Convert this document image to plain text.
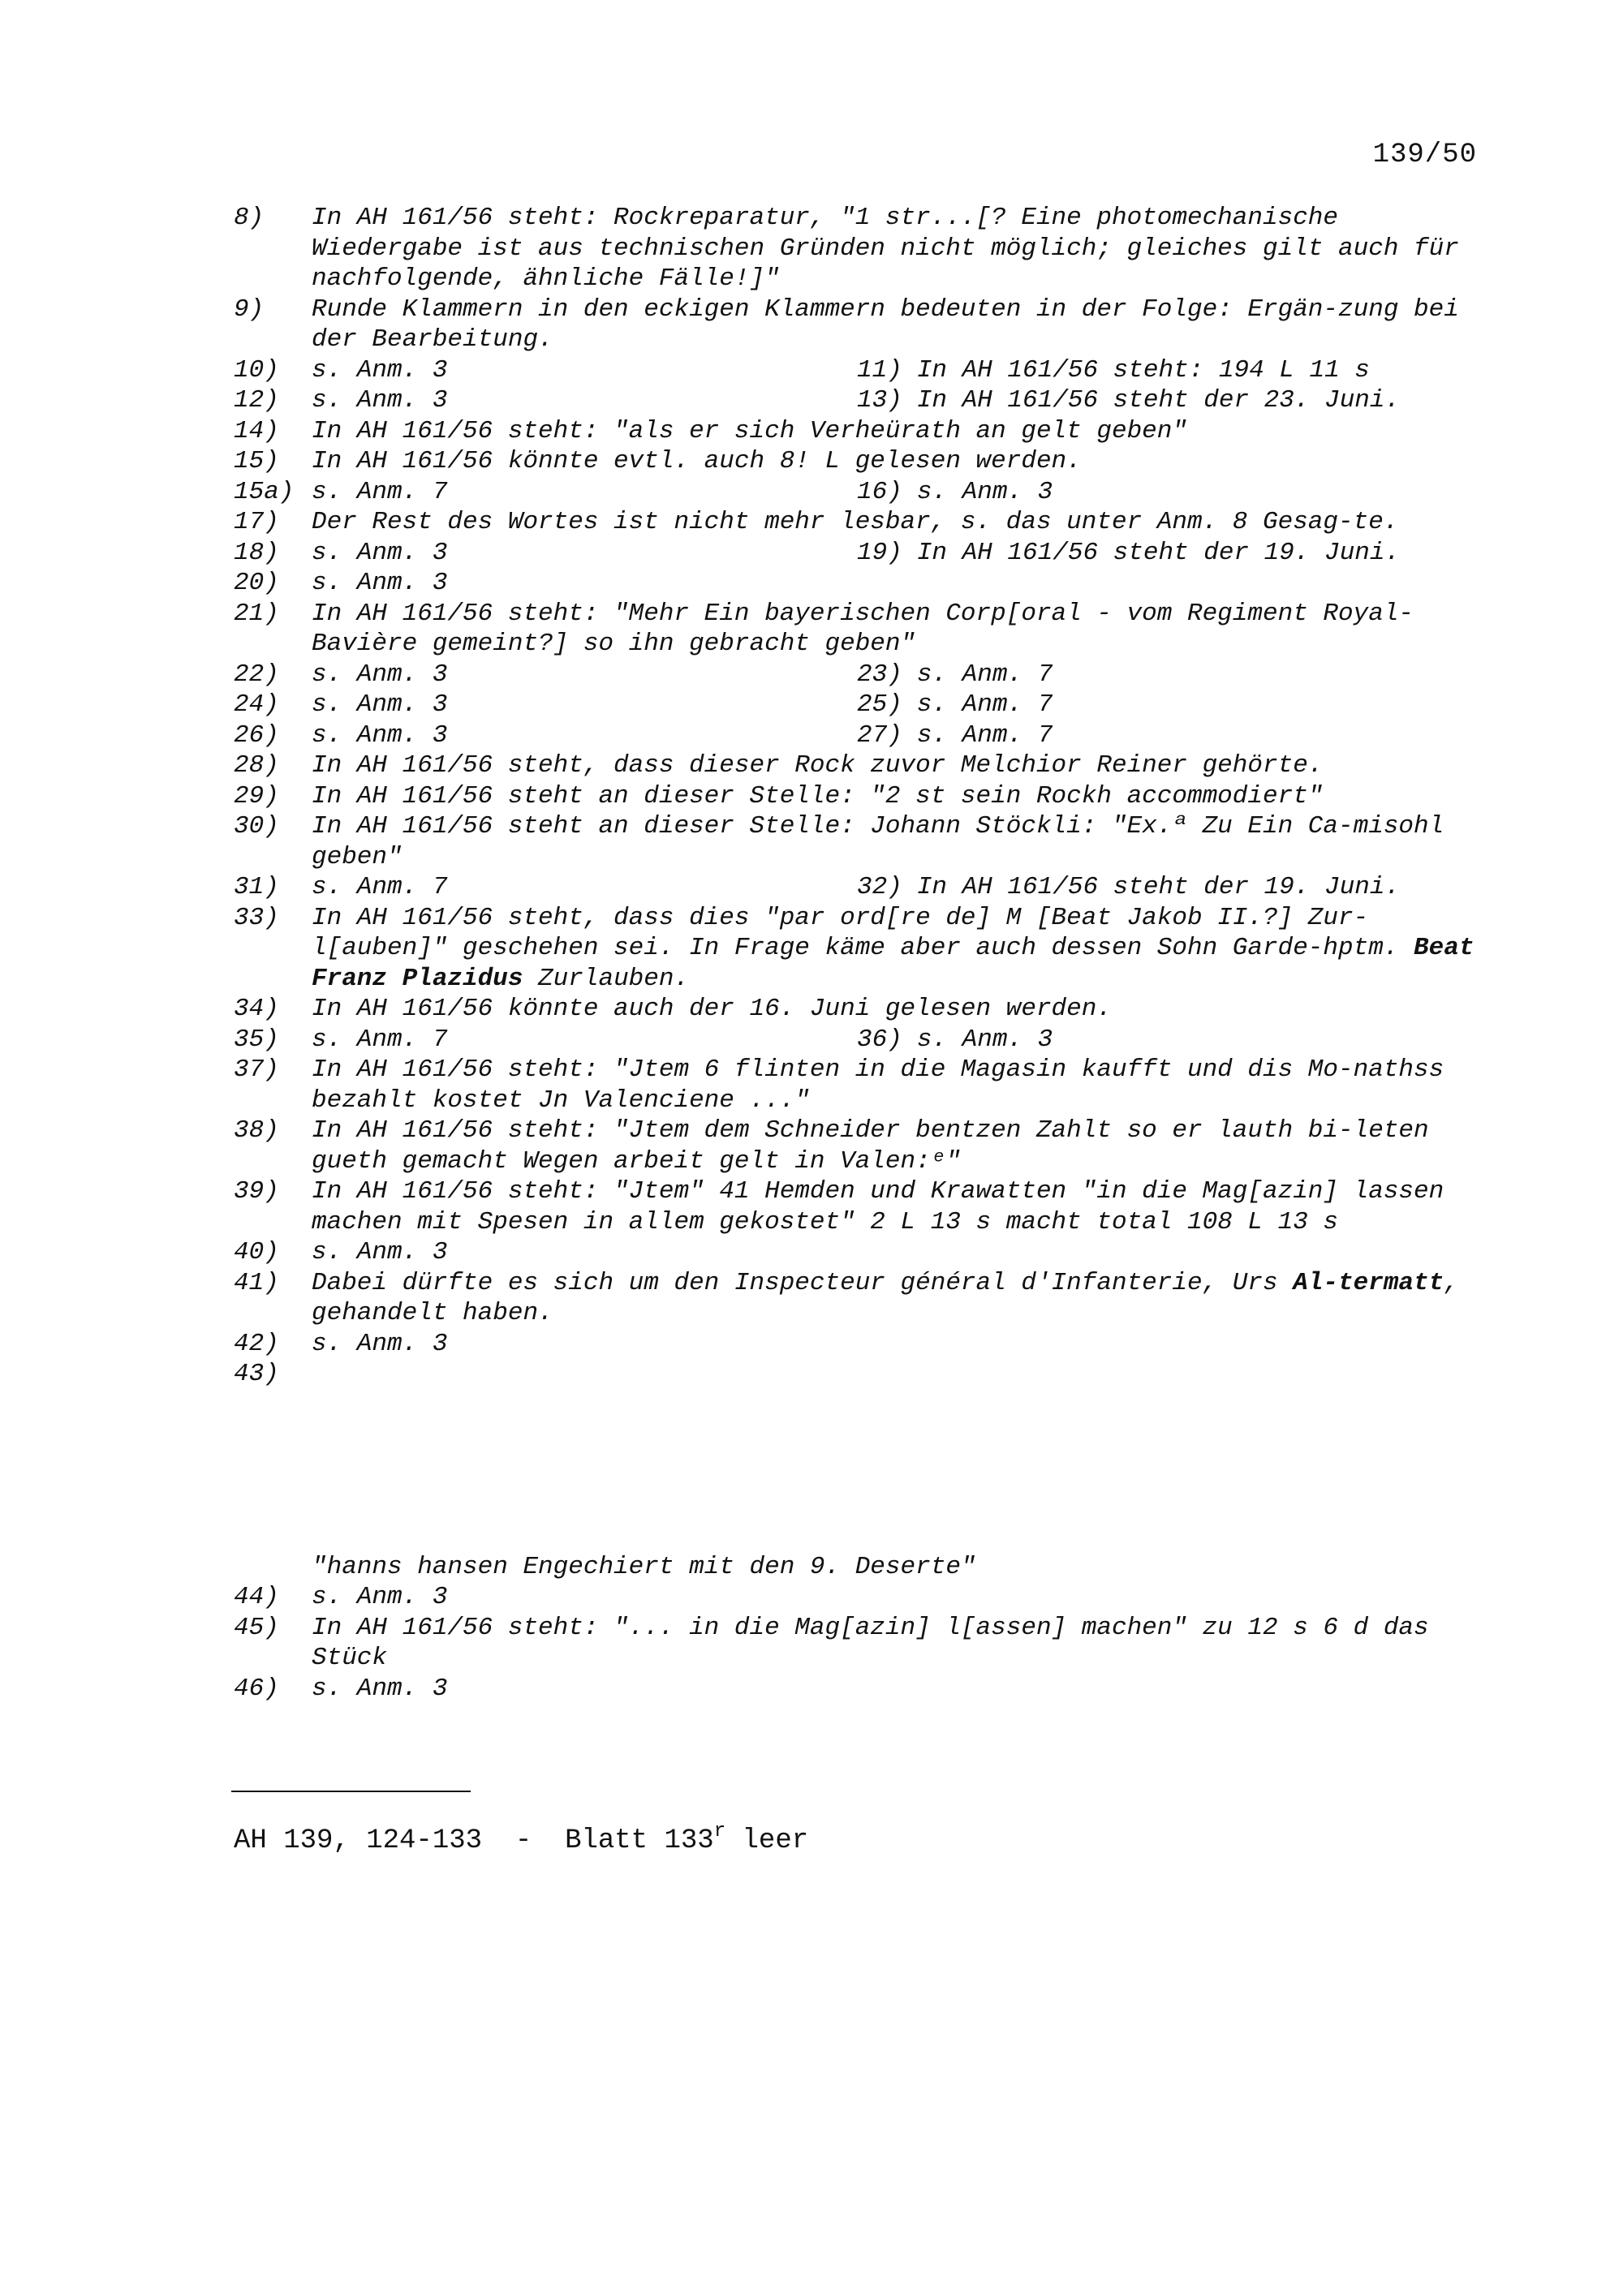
139/50
8)	In AH 161/56 steht: Rockreparatur, "1 str...[? Eine photomechanische Wiedergabe ist aus technischen Gründen nicht möglich; gleiches gilt auch für nachfolgende, ähnliche Fälle!]"
9)	Runde Klammern in den eckigen Klammern bedeuten in der Folge: Ergän-zung bei der Bearbeitung.
10)	s. Anm. 3	11) In AH 161/56 steht: 194 L 11 s
12)	s. Anm. 3	13) In AH 161/56 steht der 23. Juni.
14)	In AH 161/56 steht: "als er sich Verheürath an gelt geben"
15)	In AH 161/56 könnte evtl. auch 8! L gelesen werden.
15a) s. Anm. 7	16) s. Anm. 3
17)	Der Rest des Wortes ist nicht mehr lesbar, s. das unter Anm. 8 Gesag-te.
18)	s. Anm. 3	19) In AH 161/56 steht der 19. Juni.
20)	s. Anm. 3
21)	In AH 161/56 steht: "Mehr Ein bayerischen Corp[oral - vom Regiment Royal-Bavière gemeint?] so ihn gebracht geben"
22)	s. Anm. 3	23) s. Anm. 7
24)	s. Anm. 3	25) s. Anm. 7
26)	s. Anm. 3	27) s. Anm. 7
28)	In AH 161/56 steht, dass dieser Rock zuvor Melchior Reiner gehörte.
29)	In AH 161/56 steht an dieser Stelle: "2 st sein Rockh accommodiert"
30)	In AH 161/56 steht an dieser Stelle: Johann Stöckli: "Ex.ª Zu Ein Ca-misohl geben"
31)	s. Anm. 7	32) In AH 161/56 steht der 19. Juni.
33)	In AH 161/56 steht, dass dies "par ord[re de] M [Beat Jakob II.?] Zur-l[auben]" geschehen sei. In Frage käme aber auch dessen Sohn Garde-hptm. Beat Franz Plazidus Zurlauben.
34)	In AH 161/56 könnte auch der 16. Juni gelesen werden.
35)	s. Anm. 7	36) s. Anm. 3
37)	In AH 161/56 steht: "Jtem 6 flinten in die Magasin kaufft und dis Mo-nathss bezahlt kostet Jn Valenciene ..."
38)	In AH 161/56 steht: "Jtem dem Schneider bentzen Zahlt so er lauth bi-leten gueth gemacht Wegen arbeit gelt in Valen:ᵉ"
39)	In AH 161/56 steht: "Jtem" 41 Hemden und Krawatten "in die Mag[azin] lassen machen mit Spesen in allem gekostet" 2 L 13 s macht total 108 L 13 s
40)	s. Anm. 3
41)	Dabei dürfte es sich um den Inspecteur général d'Infanterie, Urs Al-termatt, gehandelt haben.
42)	s. Anm. 3
43)
"hanns hansen Engechiert mit den 9. Deserte"
44)	s. Anm. 3
45)	In AH 161/56 steht: "... in die Mag[azin] l[assen] machen" zu 12 s 6 d das Stück
46)	s. Anm. 3
AH 139, 124-133  -  Blatt 133$^r$ leer
